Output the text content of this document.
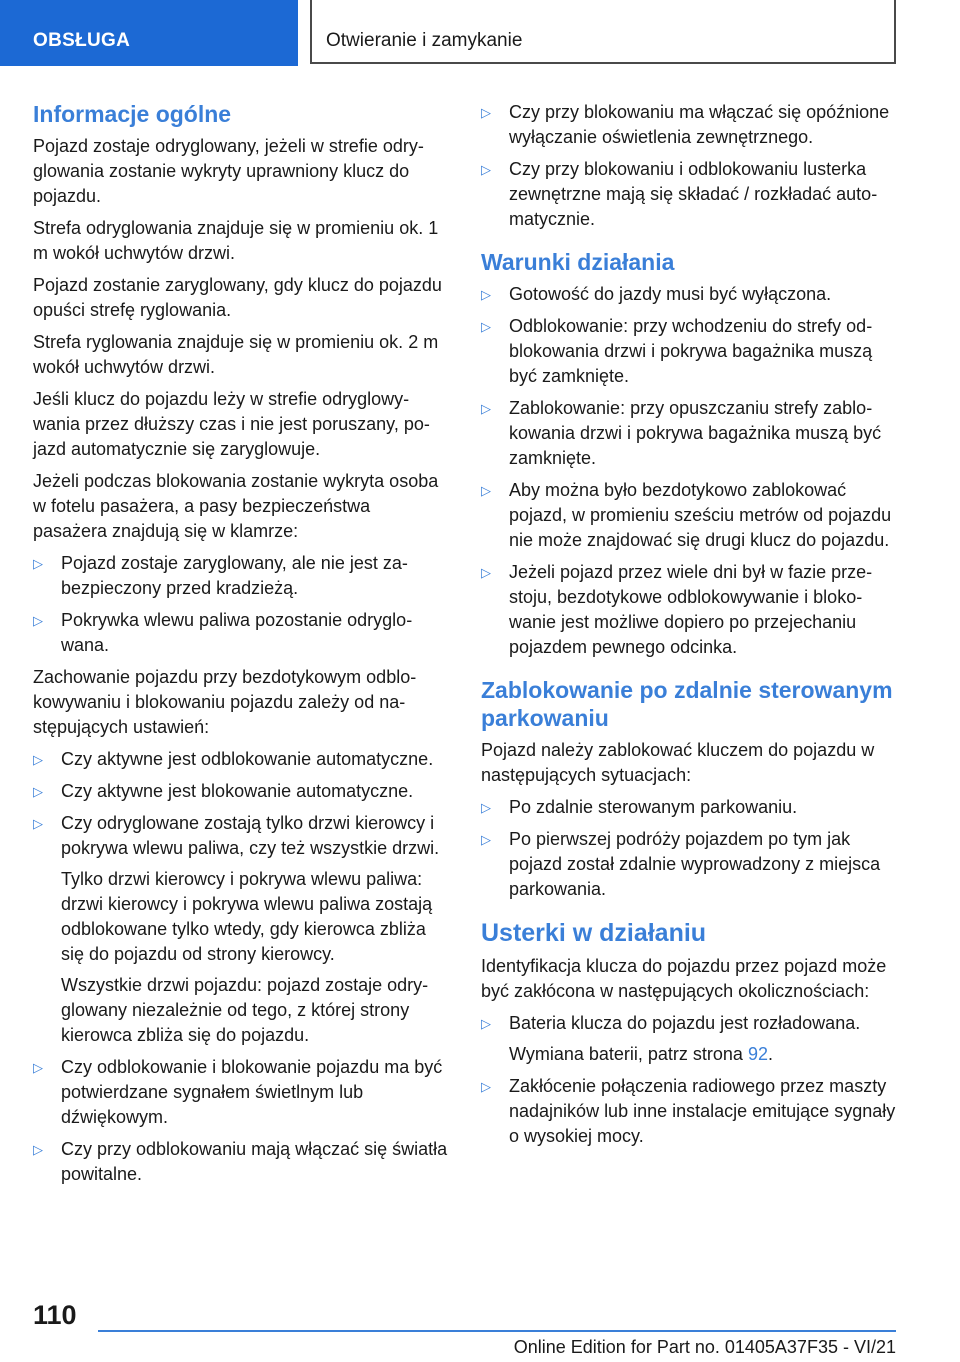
OBSŁUGA	Otwieranie i zamykanie
Informacje ogólne

Pojazd zostaje odryglowany, jeżeli w strefie odryglowania zostanie wykryty uprawniony klucz do pojazdu.

Strefa odryglowania znajduje się w promieniu ok. 1 m wokół uchwytów drzwi.

Pojazd zostanie zaryglowany, gdy klucz do pojazdu opuści strefę ryglowania.

Strefa ryglowania znajduje się w promieniu ok. 2 m wokół uchwytów drzwi.

Jeśli klucz do pojazdu leży w strefie odryglowywania przez dłuższy czas i nie jest poruszany, pojazd automatycznie się zaryglowuje.

Jeżeli podczas blokowania zostanie wykryta osoba w fotelu pasażera, a pasy bezpieczeństwa pasażera znajdują się w klamrze:

▷ Pojazd zostaje zaryglowany, ale nie jest zabezpieczony przed kradzieżą.
▷ Pokrywka wlewu paliwa pozostanie odryglowana.

Zachowanie pojazdu przy bezdotykowym odblokowywaniu i blokowaniu pojazdu zależy od następujących ustawień:

▷ Czy aktywne jest odblokowanie automatyczne.
▷ Czy aktywne jest blokowanie automatyczne.
▷ Czy odryglowane zostają tylko drzwi kierowcy i pokrywa wlewu paliwa, czy też wszystkie drzwi.

Tylko drzwi kierowcy i pokrywa wlewu paliwa: drzwi kierowcy i pokrywa wlewu paliwa zostają odblokowane tylko wtedy, gdy kierowca zbliża się do pojazdu od strony kierowcy.

Wszystkie drzwi pojazdu: pojazd zostaje odryglowany niezależnie od tego, z której strony kierowca zbliża się do pojazdu.

▷ Czy odblokowanie i blokowanie pojazdu ma być potwierdzane sygnałem świetlnym lub dźwiękowym.
▷ Czy przy odblokowaniu mają włączać się światła powitalne.
▷ Czy przy blokowaniu ma włączać się opóźnione wyłączanie oświetlenia zewnętrznego.
▷ Czy przy blokowaniu i odblokowaniu lusterka zewnętrzne mają się składać / rozkładać automatycznie.
Warunki działania
▷ Gotowość do jazdy musi być wyłączona.
▷ Odblokowanie: przy wchodzeniu do strefy odblokowania drzwi i pokrywa bagażnika muszą być zamknięte.
▷ Zablokowanie: przy opuszczaniu strefy zablokowania drzwi i pokrywa bagażnika muszą być zamknięte.
▷ Aby można było bezdotykowo zablokować pojazd, w promieniu sześciu metrów od pojazdu nie może znajdować się drugi klucz do pojazdu.
▷ Jeżeli pojazd przez wiele dni był w fazie przestoju, bezdotykowe odblokowywanie i blokowanie jest możliwe dopiero po przejechaniu pojazdem pewnego odcinka.
Zablokowanie po zdalnie sterowanym parkowaniu

Pojazd należy zablokować kluczem do pojazdu w następujących sytuacjach:

▷ Po zdalnie sterowanym parkowaniu.
▷ Po pierwszej podróży pojazdem po tym jak pojazd został zdalnie wyprowadzony z miejsca parkowania.
Usterki w działaniu

Identyfikacja klucza do pojazdu przez pojazd może być zakłócona w następujących okolicznościach:

▷ Bateria klucza do pojazdu jest rozładowana.

Wymiana baterii, patrz strona 92.

▷ Zakłócenie połączenia radiowego przez maszty nadajników lub inne instalacje emitujące sygnały o wysokiej mocy.
110
Online Edition for Part no. 01405A37F35 - VI/21
